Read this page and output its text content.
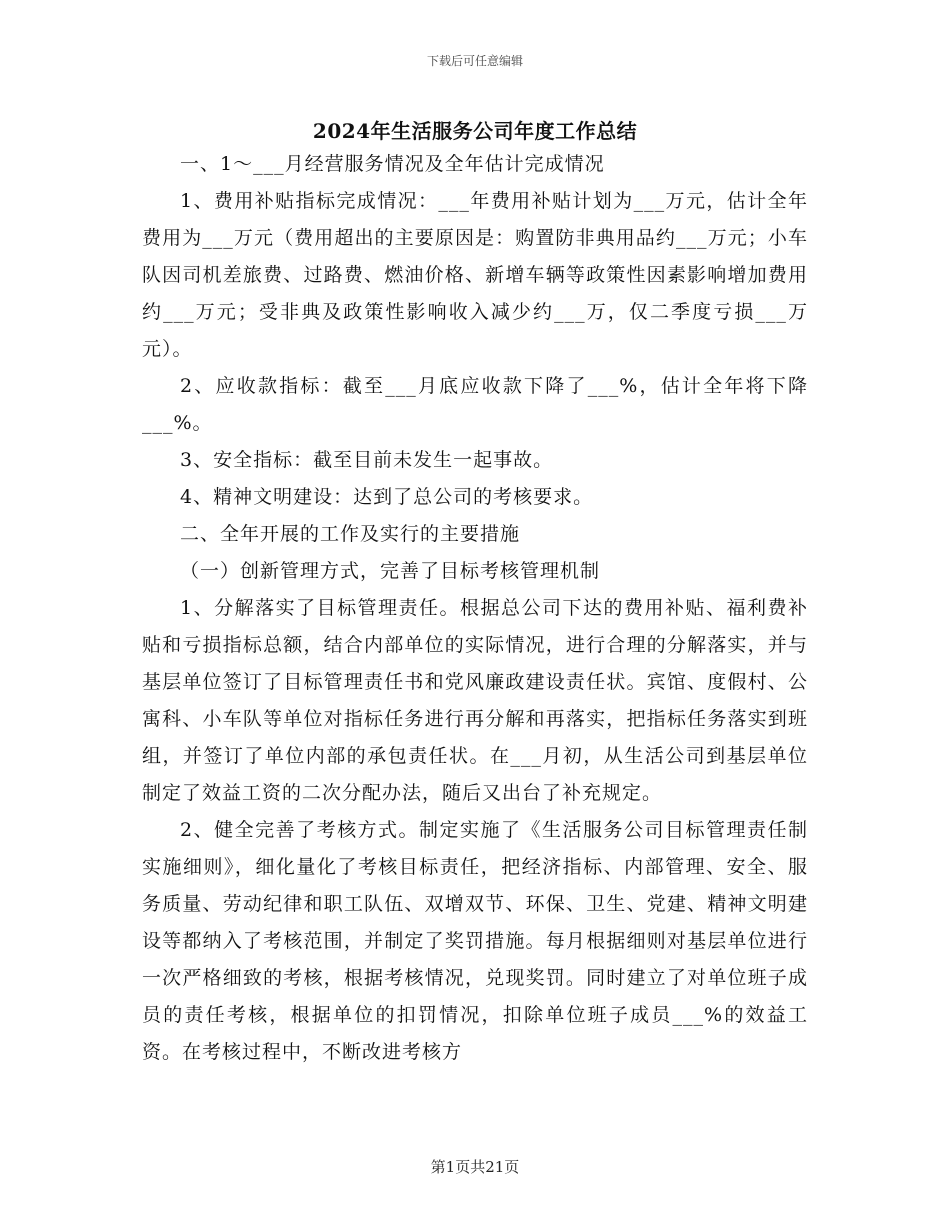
下载后可任意编辑
2024年生活服务公司年度工作总结

一、1～___月经营服务情况及全年估计完成情况

1、费用补贴指标完成情况：___年费用补贴计划为___万元，估计全年费用为___万元（费用超出的主要原因是：购置防非典用品约___万元；小车队因司机差旅费、过路费、燃油价格、新增车辆等政策性因素影响增加费用约___万元；受非典及政策性影响收入减少约___万，仅二季度亏损___万元）。

2、应收款指标：截至___月底应收款下降了___%，估计全年将下降___%。

3、安全指标：截至目前未发生一起事故。

4、精神文明建设：达到了总公司的考核要求。

二、全年开展的工作及实行的主要措施

（一）创新管理方式，完善了目标考核管理机制

1、分解落实了目标管理责任。根据总公司下达的费用补贴、福利费补贴和亏损指标总额，结合内部单位的实际情况，进行合理的分解落实，并与基层单位签订了目标管理责任书和党风廉政建设责任状。宾馆、度假村、公寓科、小车队等单位对指标任务进行再分解和再落实，把指标任务落实到班组，并签订了单位内部的承包责任状。在___月初，从生活公司到基层单位制定了效益工资的二次分配办法，随后又出台了补充规定。

2、健全完善了考核方式。制定实施了《生活服务公司目标管理责任制实施细则》，细化量化了考核目标责任，把经济指标、内部管理、安全、服务质量、劳动纪律和职工队伍、双增双节、环保、卫生、党建、精神文明建设等都纳入了考核范围，并制定了奖罚措施。每月根据细则对基层单位进行一次严格细致的考核，根据考核情况，兑现奖罚。同时建立了对单位班子成员的责任考核，根据单位的扣罚情况，扣除单位班子成员___%的效益工资。在考核过程中，不断改进考核方

第1页共21页
